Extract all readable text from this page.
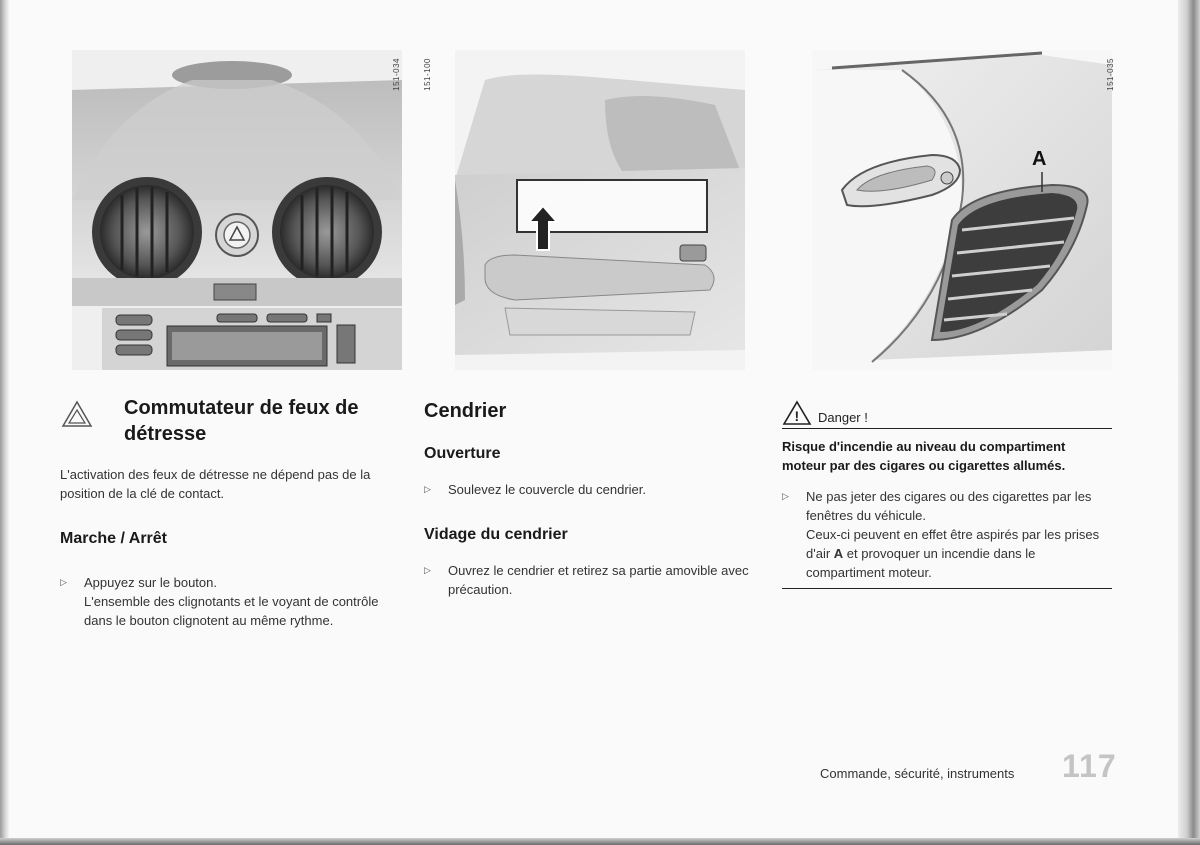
151-034	151-100
A
151-035
Commutateur de feux de détresse

L'activation des feux de détresse ne dépend pas de la position de la clé de contact.

Marche / Arrêt
▷ Appuyez sur le bouton.
L'ensemble des clignotants et le voyant de contrôle dans le bouton clignotent au même rythme.
Cendrier
Ouverture
▷ Soulevez le couvercle du cendrier.
Vidage du cendrier
▷ Ouvrez le cendrier et retirez sa partie amovible avec précaution.
! Danger !
Risque d'incendie au niveau du compartiment moteur par des cigares ou cigarettes allumés.
▷ Ne pas jeter des cigares ou des cigarettes par les fenêtres du véhicule.
Ceux-ci peuvent en effet être aspirés par les prises d'air A et provoquer un incendie dans le compartiment moteur.
Commande, sécurité, instruments 117
